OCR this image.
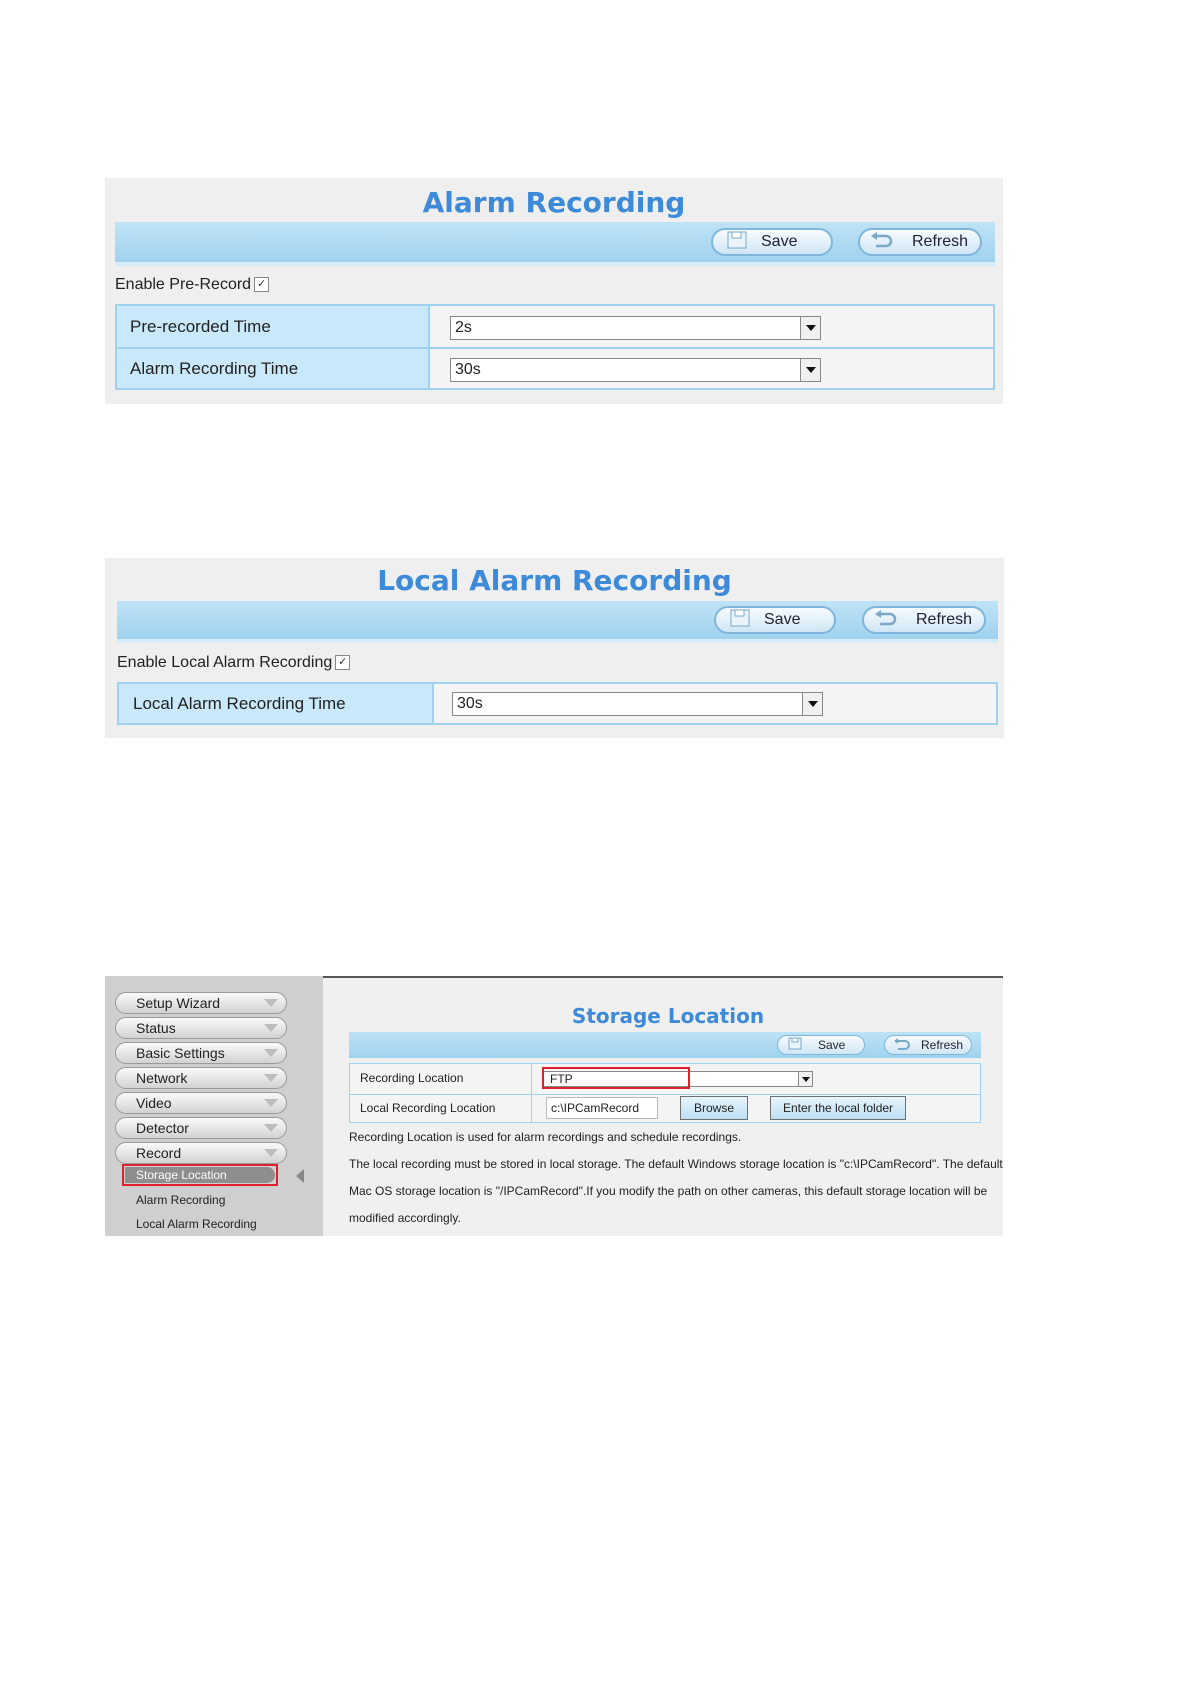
Alarm Recording
Save	Refresh
Enable Pre-Record ✓
Pre-recorded Time	2s
Alarm Recording Time	30s
Local Alarm Recording
Save	Refresh
Enable Local Alarm Recording ✓
Local Alarm Recording Time	30s
Setup Wizard
Status
Basic Settings
Network
Video
Detector
Record
Storage Location
Alarm Recording
Local Alarm Recording
Storage Location
Save	Refresh
Recording Location	FTP
Local Recording Location	c:\IPCamRecord	Browse	Enter the local folder
Recording Location is used for alarm recordings and schedule recordings.
The local recording must be stored in local storage. The default Windows storage location is "c:\IPCamRecord". The default
Mac OS storage location is "/IPCamRecord".If you modify the path on other cameras, this default storage location will be
modified accordingly.
